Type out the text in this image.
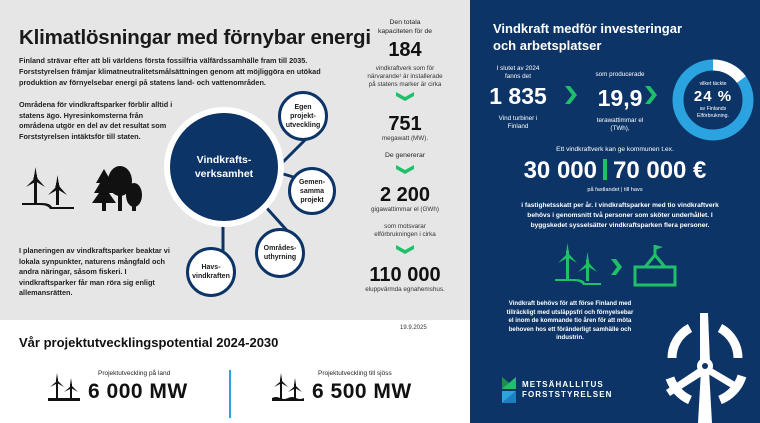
Klimatlösningar med förnybar energi

Finland strävar efter att bli världens första fossilfria välfärdssamhälle fram till 2035. Forststyrelsen främjar klimatneutralitetsmålsättningen genom att möjliggöra en utökad produktion av förnyelsebar energi på statens land- och vattenområden.

Områdena för vindkraftsparker förblir alltid i statens ägo. Hyresinkomsterna från områdena utgör en del av det resultat som Forststyrelsen intäktsför till staten.

I planeringen av vindkraftsparker beaktar vi lokala synpunkter, naturens mångfald och andra näringar, såsom fiskeri. I vindkraftsparker får man röra sig enligt allemansrätten.

Vindkrafts-
verksamhet
Egen
projekt-
utveckling
Gemen-
samma
projekt
Områdes-
uthyrning
Havs-
vindkraften
Den totala
kapaciteten för de
184
vindkraftverk som för
närvarande¹ är installerade
på statens marker är cirka
751
megawatt (MW).
De genererar
2 200
gigawattimmar el (GWh)
som motsvarar
elförbrukningen i cirka
110 000
eluppvärmda egnahemshus.
19.9.2025
Vår projektutvecklingspotential 2024-2030
Projektutveckling på land
6 000 MW
Projektutveckling till sjöss
6 500 MW
Vindkraft medför investeringar
och arbetsplatser
I slutet av 2024
fanns det
1 835
Vind turbiner i
Finland
som producerade
19,9
terawattimmar el
(TWh),
vilket täckte
24 %
av Finlands
Elförbrukning.
Ett vindkraftverk kan ge kommunen t.ex.
30 000 70 000 €
på fastlandet | till havs

i fastighetsskatt per år. I vindkraftsparker med tio vindkraftverk behövs i genomsnitt två personer som sköter underhållet. I byggskedet sysselsätter vindkraftsparken flera personer.

Vindkraft behövs för att förse Finland med tillräckligt med utsläppsfri och förnyelsebar el inom de kommande tio åren för att möta behoven hos ett föränderligt samhälle och industrin.

METSÄHALLITUS
FORSTSTYRELSEN
